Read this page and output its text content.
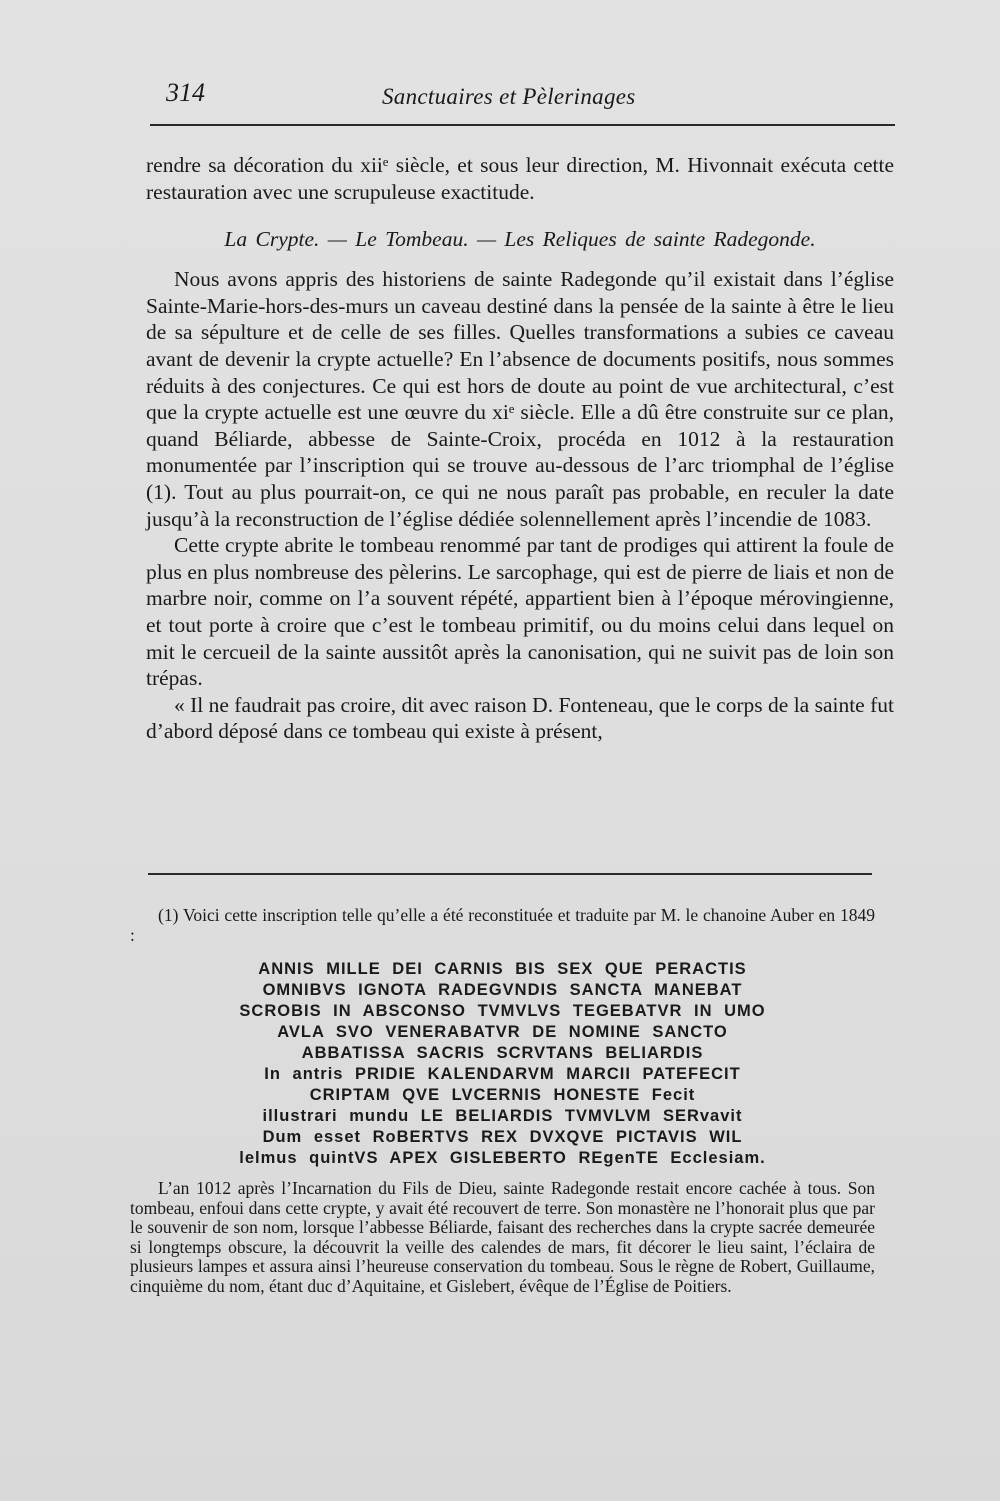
314	Sanctuaires et Pèlerinages

rendre sa décoration du xiiᵉ siècle, et sous leur direction, M. Hivonnait exécuta cette restauration avec une scrupuleuse exactitude.

La Crypte. — Le Tombeau. — Les Reliques de sainte Radegonde.

Nous avons appris des historiens de sainte Radegonde qu’il existait dans l’église Sainte-Marie-hors-des-murs un caveau destiné dans la pensée de la sainte à être le lieu de sa sépulture et de celle de ses filles. Quelles transformations a subies ce caveau avant de devenir la crypte actuelle? En l’absence de documents positifs, nous sommes réduits à des conjectures. Ce qui est hors de doute au point de vue architectural, c’est que la crypte actuelle est une œuvre du xiᵉ siècle. Elle a dû être construite sur ce plan, quand Béliarde, abbesse de Sainte-Croix, procéda en 1012 à la restauration monumentée par l’inscription qui se trouve au-dessous de l’arc triomphal de l’église (1). Tout au plus pourrait-on, ce qui ne nous paraît pas probable, en reculer la date jusqu’à la reconstruction de l’église dédiée solennellement après l’incendie de 1083.

Cette crypte abrite le tombeau renommé par tant de prodiges qui attirent la foule de plus en plus nombreuse des pèlerins. Le sarcophage, qui est de pierre de liais et non de marbre noir, comme on l’a souvent répété, appartient bien à l’époque mérovingienne, et tout porte à croire que c’est le tombeau primitif, ou du moins celui dans lequel on mit le cercueil de la sainte aussitôt après la canonisation, qui ne suivit pas de loin son trépas.

« Il ne faudrait pas croire, dit avec raison D. Fonteneau, que le corps de la sainte fut d’abord déposé dans ce tombeau qui existe à présent,

(1) Voici cette inscription telle qu’elle a été reconstituée et traduite par M. le chanoine Auber en 1849 :

ANNIS MILLE DEI CARNIS BIS SEX QUE PERACTIS
OMNIBVS IGNOTA RADEGVNDIS SANCTA MANEBAT
SCROBIS IN ABSCONSO TVMVLVS TEGEBATVR IN UMO
AVLA SVO VENERABATVR DE NOMINE SANCTO
ABBATISSA SACRIS SCRVTANS BELIARDIS
In antris PRIDIE KALENDARVM MARCII PATEFECIT
CRIPTAM QVE LVCERNIS HONESTE Fecit
illustrari mundu LE BELIARDIS TVMVLVM SERvavit
Dum esset RoBERTVS REX DVXQVE PICTAVIS WIL
lelmus quintVS APEX GISLEBERTO REgenTE Ecclesiam.

L’an 1012 après l’Incarnation du Fils de Dieu, sainte Radegonde restait encore cachée à tous. Son tombeau, enfoui dans cette crypte, y avait été recouvert de terre. Son monastère ne l’honorait plus que par le souvenir de son nom, lorsque l’abbesse Béliarde, faisant des recherches dans la crypte sacrée demeurée si longtemps obscure, la découvrit la veille des calendes de mars, fit décorer le lieu saint, l’éclaira de plusieurs lampes et assura ainsi l’heureuse conservation du tombeau. Sous le règne de Robert, Guillaume, cinquième du nom, étant duc d’Aquitaine, et Gislebert, évêque de l’Église de Poitiers.
